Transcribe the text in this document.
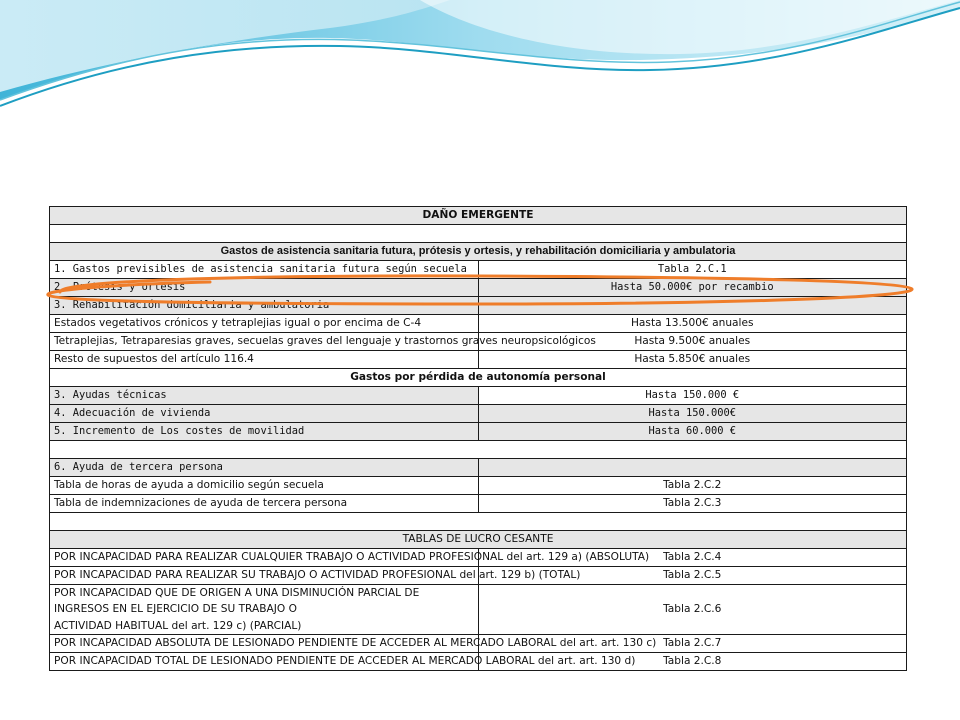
DAÑO EMERGENTE	

Gastos de asistencia sanitaria futura, prótesis y ortesis, y rehabilitación domiciliaria y ambulatoria	
1. Gastos previsibles de asistencia sanitaria futura según secuela	Tabla 2.C.1
2. Prótesis y ortesis	Hasta 50.000€ por recambio
3. Rehabilitación domiciliaria y ambulatoria	
Estados vegetativos crónicos y tetraplejias igual o por encima de C-4	Hasta 13.500€ anuales
Tetraplejias, Tetraparesias graves, secuelas graves del lenguaje y trastornos graves neuropsicológicos	Hasta 9.500€ anuales
Resto de supuestos del artículo 116.4	Hasta 5.850€ anuales
Gastos por pérdida de autonomía personal	
3. Ayudas técnicas	Hasta 150.000 €
4. Adecuación de vivienda	Hasta 150.000€
5. Incremento de Los costes de movilidad	Hasta 60.000 €

6. Ayuda de tercera persona	
Tabla de horas de ayuda a domicilio según secuela	Tabla 2.C.2
Tabla de indemnizaciones de ayuda de tercera persona	Tabla 2.C.3

TABLAS DE LUCRO CESANTE	
POR INCAPACIDAD PARA REALIZAR CUALQUIER TRABAJO O ACTIVIDAD PROFESIONAL del art. 129 a) (ABSOLUTA)	Tabla 2.C.4
POR INCAPACIDAD PARA REALIZAR SU TRABAJO O ACTIVIDAD PROFESIONAL del art. 129 b) (TOTAL)	Tabla 2.C.5
POR INCAPACIDAD QUE DE ORIGEN A UNA DISMINUCIÓN PARCIAL DE INGRESOS EN EL EJERCICIO DE SU TRABAJO O
ACTIVIDAD HABITUAL del art. 129 c) (PARCIAL)	Tabla 2.C.6
POR INCAPACIDAD ABSOLUTA DE LESIONADO PENDIENTE DE ACCEDER AL MERCADO LABORAL del art. art. 130 c)	Tabla 2.C.7
POR INCAPACIDAD TOTAL DE LESIONADO PENDIENTE DE ACCEDER AL MERCADO LABORAL del art. art. 130 d)	Tabla 2.C.8
